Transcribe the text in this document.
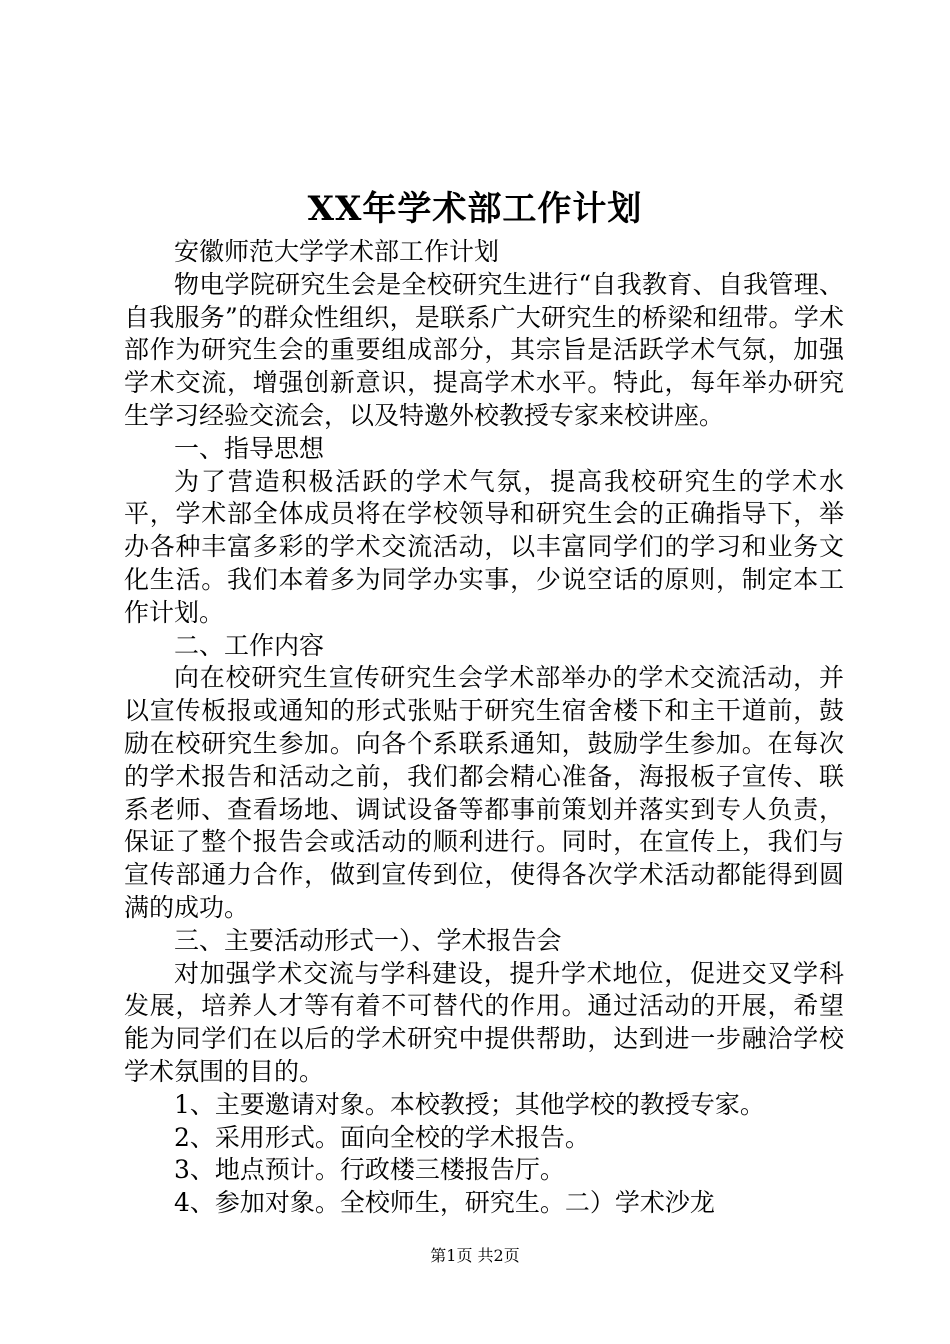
XX年学术部工作计划

安徽师范大学学术部工作计划

物电学院研究生会是全校研究生进行“自我教育、自我管理、自我服务”的群众性组织，是联系广大研究生的桥梁和纽带。学术部作为研究生会的重要组成部分，其宗旨是活跃学术气氛，加强学术交流，增强创新意识，提高学术水平。特此，每年举办研究生学习经验交流会，以及特邀外校教授专家来校讲座。

一、指导思想

为了营造积极活跃的学术气氛，提高我校研究生的学术水平，学术部全体成员将在学校领导和研究生会的正确指导下，举办各种丰富多彩的学术交流活动，以丰富同学们的学习和业务文化生活。我们本着多为同学办实事，少说空话的原则，制定本工作计划。

二、工作内容

向在校研究生宣传研究生会学术部举办的学术交流活动，并以宣传板报或通知的形式张贴于研究生宿舍楼下和主干道前，鼓励在校研究生参加。向各个系联系通知，鼓励学生参加。在每次的学术报告和活动之前，我们都会精心准备，海报板子宣传、联系老师、查看场地、调试设备等都事前策划并落实到专人负责，保证了整个报告会或活动的顺利进行。同时，在宣传上，我们与宣传部通力合作，做到宣传到位，使得各次学术活动都能得到圆满的成功。

三、主要活动形式一）、学术报告会

对加强学术交流与学科建设，提升学术地位，促进交叉学科发展，培养人才等有着不可替代的作用。通过活动的开展，希望能为同学们在以后的学术研究中提供帮助，达到进一步融洽学校学术氛围的目的。

1、主要邀请对象。本校教授；其他学校的教授专家。

2、采用形式。面向全校的学术报告。

3、地点预计。行政楼三楼报告厅。

4、参加对象。全校师生，研究生。二）学术沙龙

第1页 共2页
